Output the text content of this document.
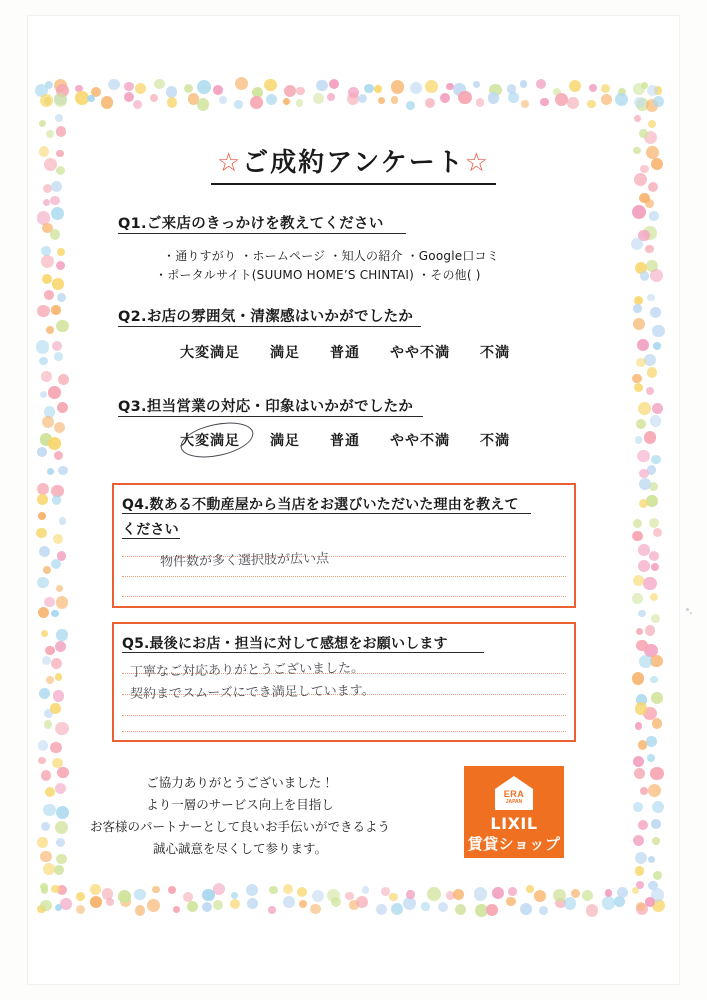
☆ご成約アンケート☆
Q1.ご来店のきっかけを教えてください
・通りすがり ・ホームページ ・知人の紹介 ・Google口コミ
・ポータルサイト(SUUMO HOME’S CHINTAI) ・その他( )
Q2.お店の雰囲気・清潔感はいかがでしたか
大変満足　　満足　　普通　　やや不満　　不満
Q3.担当営業の対応・印象はいかがでしたか
大変満足　　満足　　普通　　やや不満　　不満
Q4.数ある不動産屋から当店をお選びいただいた理由を教えて
ください
物件数が多く選択肢が広い点
Q5.最後にお店・担当に対して感想をお願いします
丁寧なご対応ありがとうございました。
契約までスムーズにでき満足しています。
ご協力ありがとうございました！
より一層のサービス向上を目指し
お客様のパートナーとして良いお手伝いができるよう
誠心誠意を尽くして参ります。
ERA
JAPAN
LIXIL
賃貸ショップ
